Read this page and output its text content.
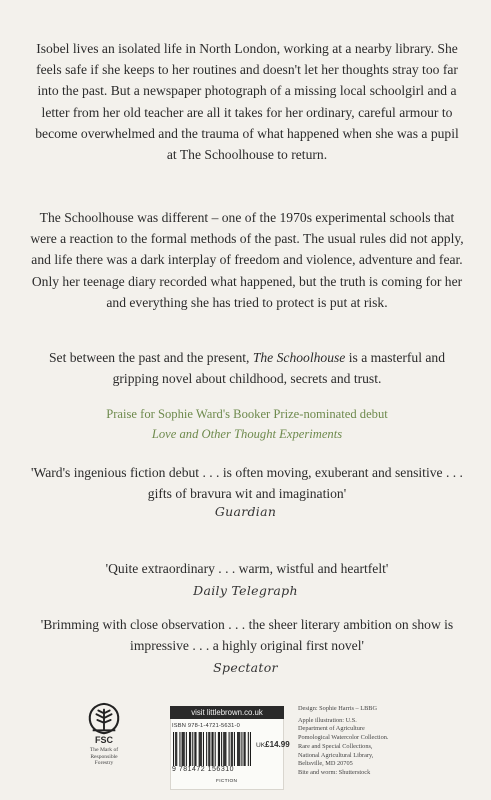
Isobel lives an isolated life in North London, working at a nearby library. She feels safe if she keeps to her routines and doesn't let her thoughts stray too far into the past. But a newspaper photograph of a missing local schoolgirl and a letter from her old teacher are all it takes for her ordinary, careful armour to become overwhelmed and the trauma of what happened when she was a pupil at The Schoolhouse to return.

The Schoolhouse was different – one of the 1970s experimental schools that were a reaction to the formal methods of the past. The usual rules did not apply, and life there was a dark interplay of freedom and violence, adventure and fear. Only her teenage diary recorded what happened, but the truth is coming for her and everything she has tried to protect is put at risk.

Set between the past and the present, The Schoolhouse is a masterful and gripping novel about childhood, secrets and trust.

Praise for Sophie Ward's Booker Prize-nominated debut
Love and Other Thought Experiments

'Ward's ingenious fiction debut . . . is often moving, exuberant and sensitive . . . gifts of bravura wit and imagination'

Guardian

'Quite extraordinary . . . warm, wistful and heartfelt'

Daily Telegraph

'Brimming with close observation . . . the sheer literary ambition on show is impressive . . . a highly original first novel'

Spectator
FSC
The Mark of Responsible Forestry
visit littlebrown.co.uk
ISBN 978-1-4721-5631-0
UK£14.99
9 781472 156310
FICTION
Design: Sophie Harris – LBBG
Apple illustration: U.S.
Department of Agriculture
Pomological Watercolor Collection.
Rare and Special Collections,
National Agricultural Library,
Beltsville, MD 20705
Bite and worm: Shutterstock
